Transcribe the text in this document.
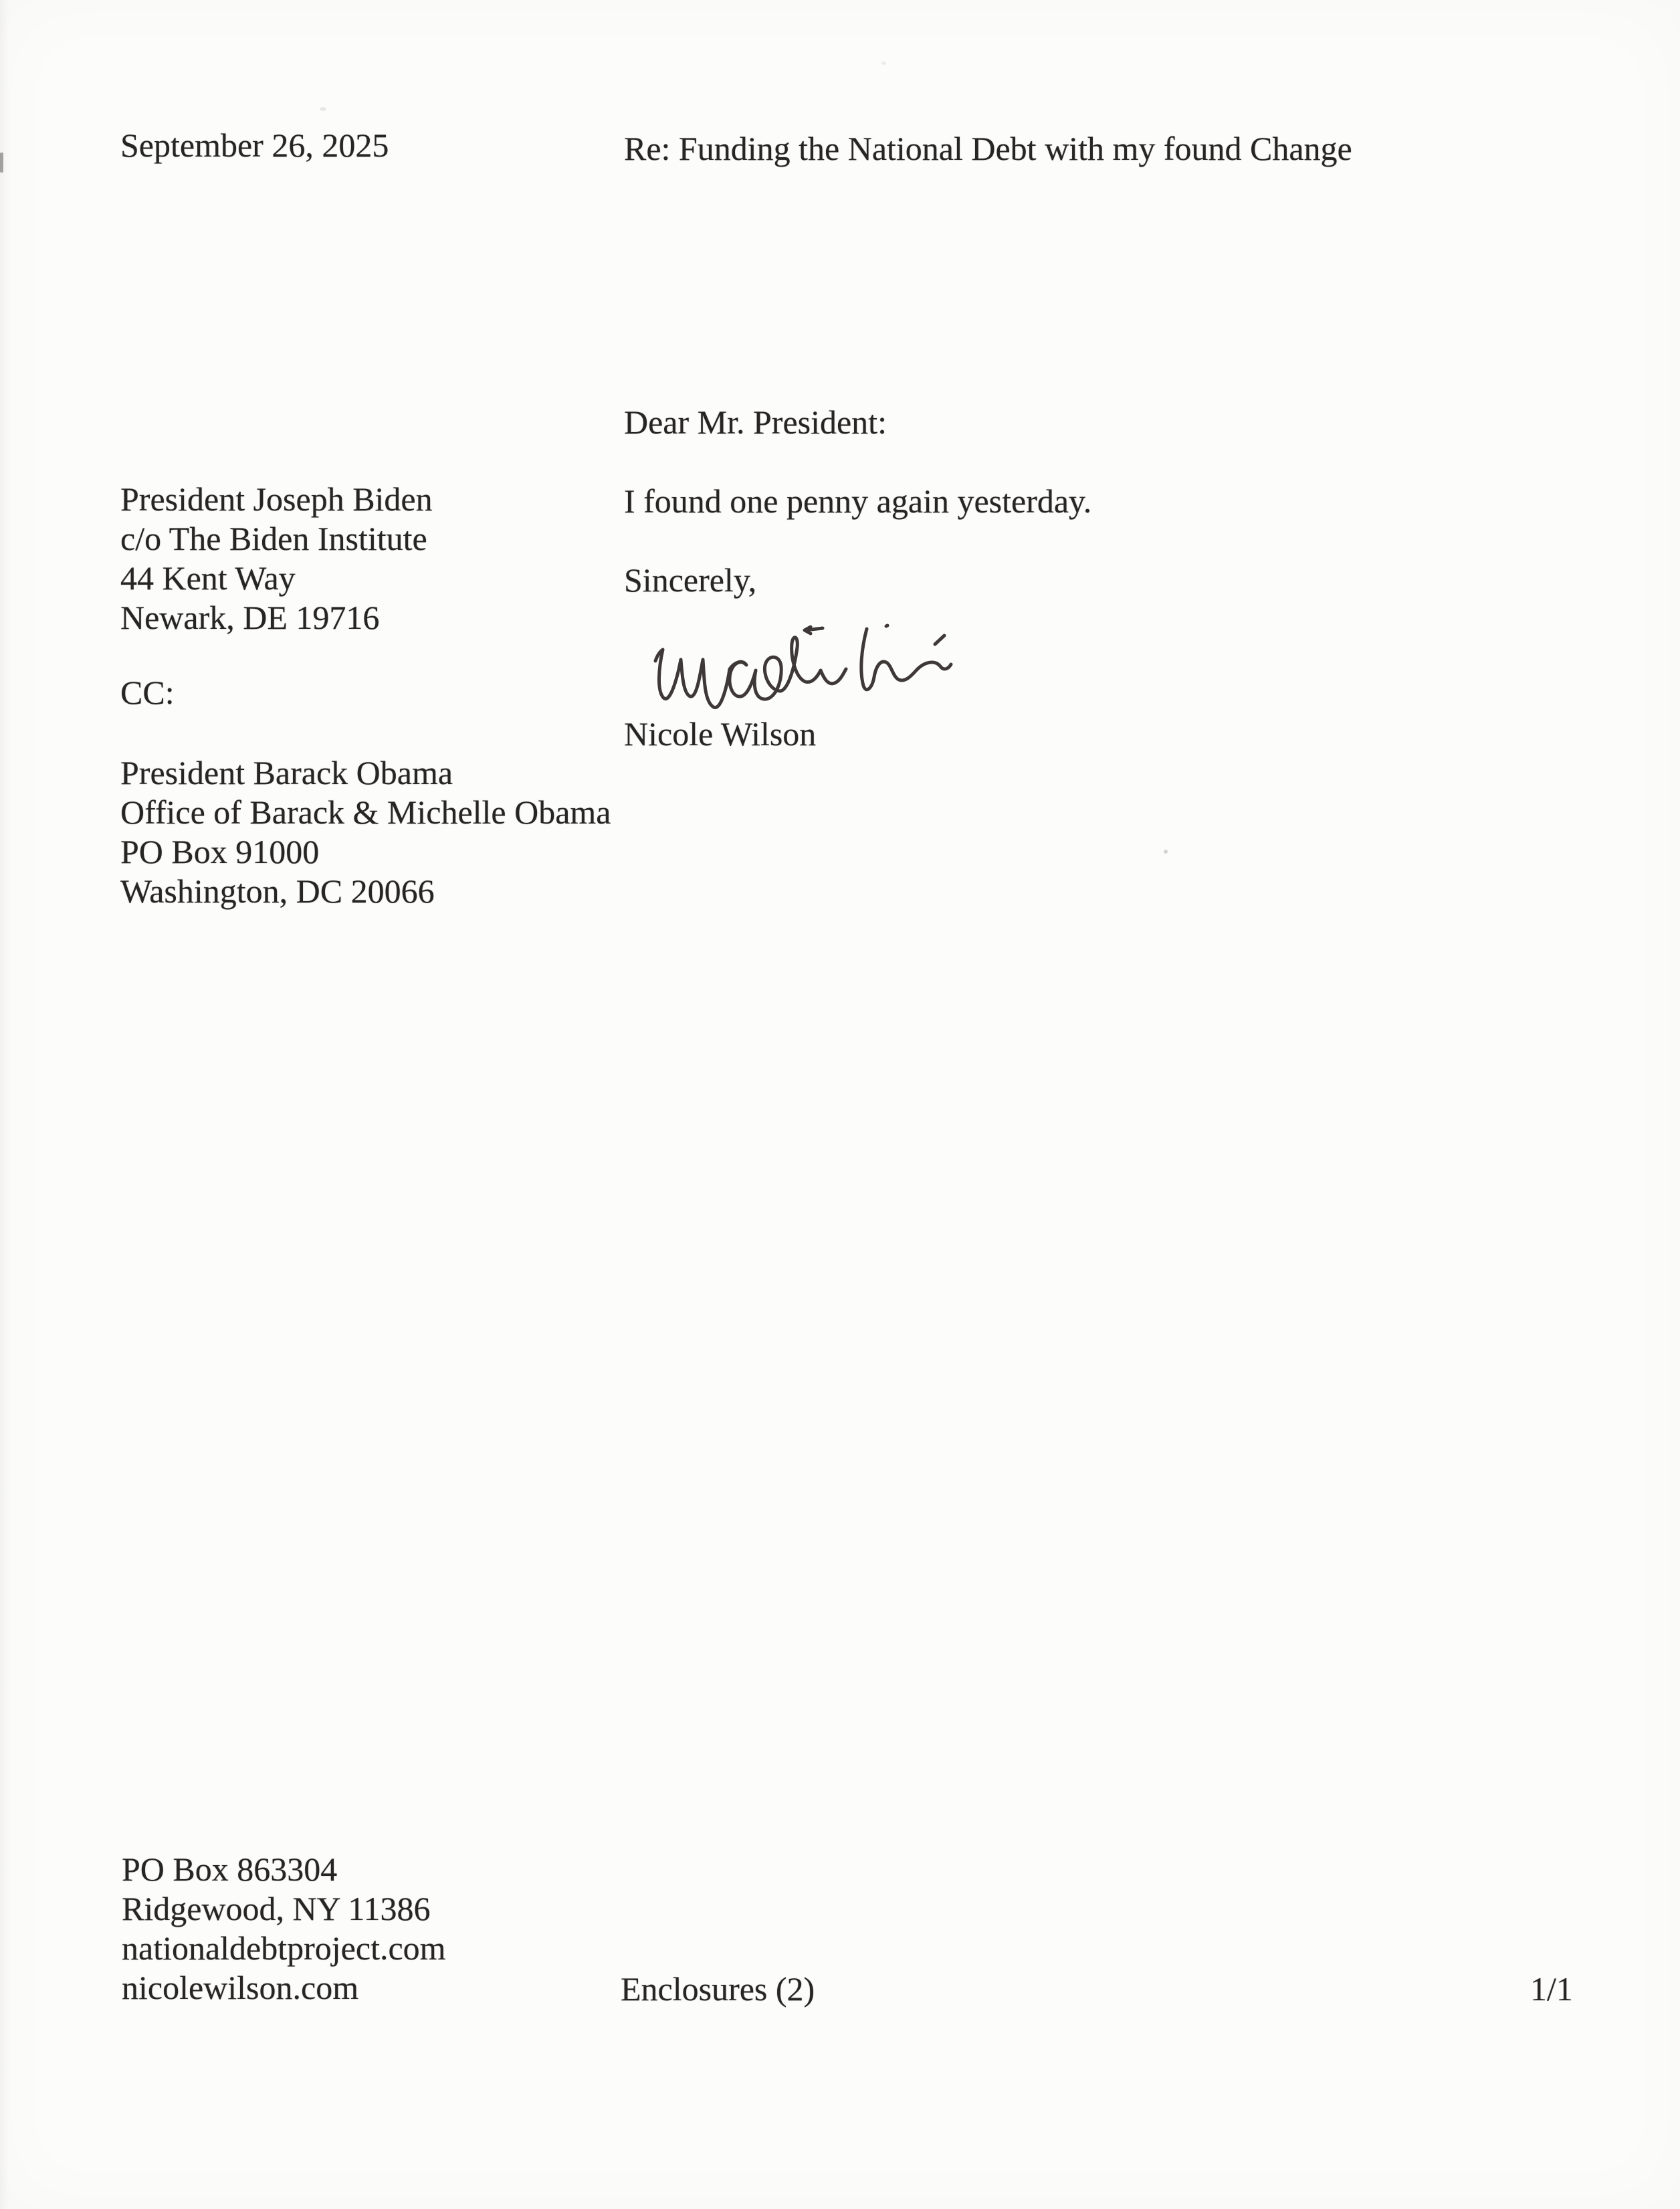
September 26, 2025	Re: Funding the National Debt with my found Change
President Joseph Biden
c/o The Biden Institute
44 Kent Way
Newark, DE 19716
CC:
President Barack Obama
Office of Barack & Michelle Obama
PO Box 91000
Washington, DC 20066
Dear Mr. President:
I found one penny again yesterday.
Sincerely,
Nicole Wilson
PO Box 863304
Ridgewood, NY 11386
nationaldebtproject.com
nicolewilson.com	Enclosures (2)	1/1
